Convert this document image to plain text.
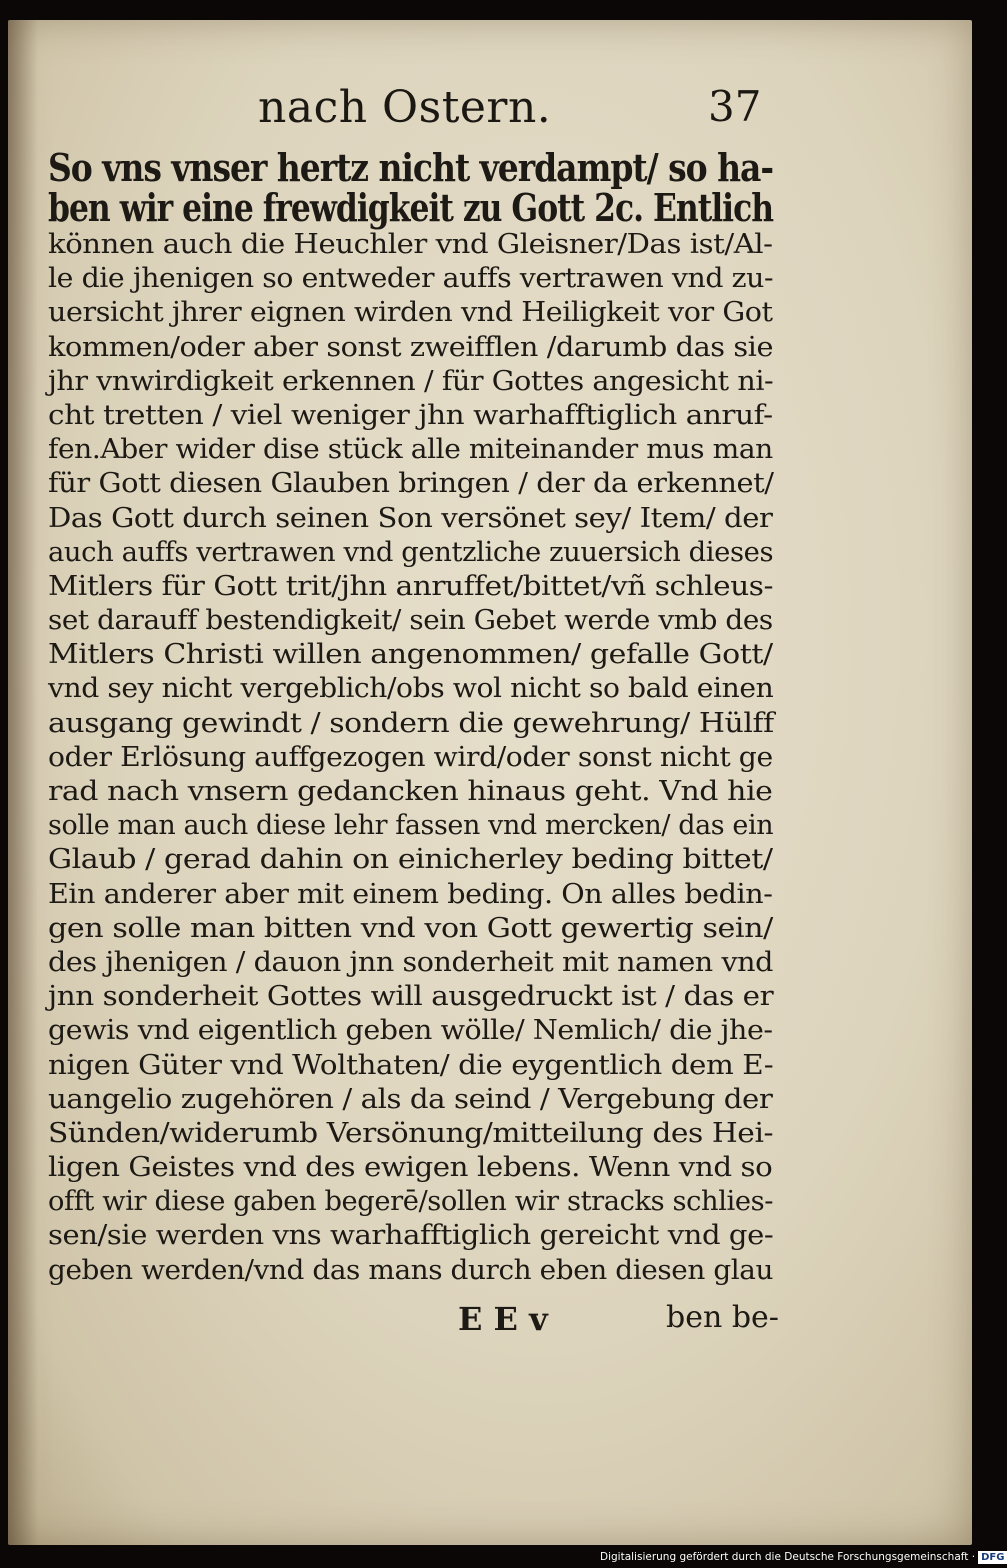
nach Ostern.	37
So vns vnser hertz nicht verdampt/ so ha-
ben wir eine frewdigkeit zu Gott 2c. Entlich
können auch die Heuchler vnd Gleisner/Das ist/Al-
le die jhenigen so entweder auffs vertrawen vnd zu-
uersicht jhrer eignen wirden vnd Heiligkeit vor Got
kommen/oder aber sonst zweifflen /darumb das sie
jhr vnwirdigkeit erkennen / für Gottes angesicht ni-
cht tretten / viel weniger jhn warhafftiglich anruf-
fen.Aber wider dise stück alle miteinander mus man
für Gott diesen Glauben bringen / der da erkennet/
Das Gott durch seinen Son versönet sey/ Item/ der
auch auffs vertrawen vnd gentzliche zuuersich dieses
Mitlers für Gott trit/jhn anruffet/bittet/vñ schleus-
set darauff bestendigkeit/ sein Gebet werde vmb des
Mitlers Christi willen angenommen/ gefalle Gott/
vnd sey nicht vergeblich/obs wol nicht so bald einen
ausgang gewindt / sondern die gewehrung/ Hülff
oder Erlösung auffgezogen wird/oder sonst nicht ge
rad nach vnsern gedancken hinaus geht. Vnd hie
solle man auch diese lehr fassen vnd mercken/ das ein
Glaub / gerad dahin on einicherley beding bittet/
Ein anderer aber mit einem beding. On alles bedin-
gen solle man bitten vnd von Gott gewertig sein/
des jhenigen / dauon jnn sonderheit mit namen vnd
jnn sonderheit Gottes will ausgedruckt ist / das er
gewis vnd eigentlich geben wölle/ Nemlich/ die jhe-
nigen Güter vnd Wolthaten/ die eygentlich dem E-
uangelio zugehören / als da seind / Vergebung der
Sünden/widerumb Versönung/mitteilung des Hei-
ligen Geistes vnd des ewigen lebens. Wenn vnd so
offt wir diese gaben begerē/sollen wir stracks schlies-
sen/sie werden vns warhafftiglich gereicht vnd ge-
geben werden/vnd das mans durch eben diesen glau
E E v	ben be-
Digitalisierung gefördert durch die Deutsche Forschungsgemeinschaft · DFG
